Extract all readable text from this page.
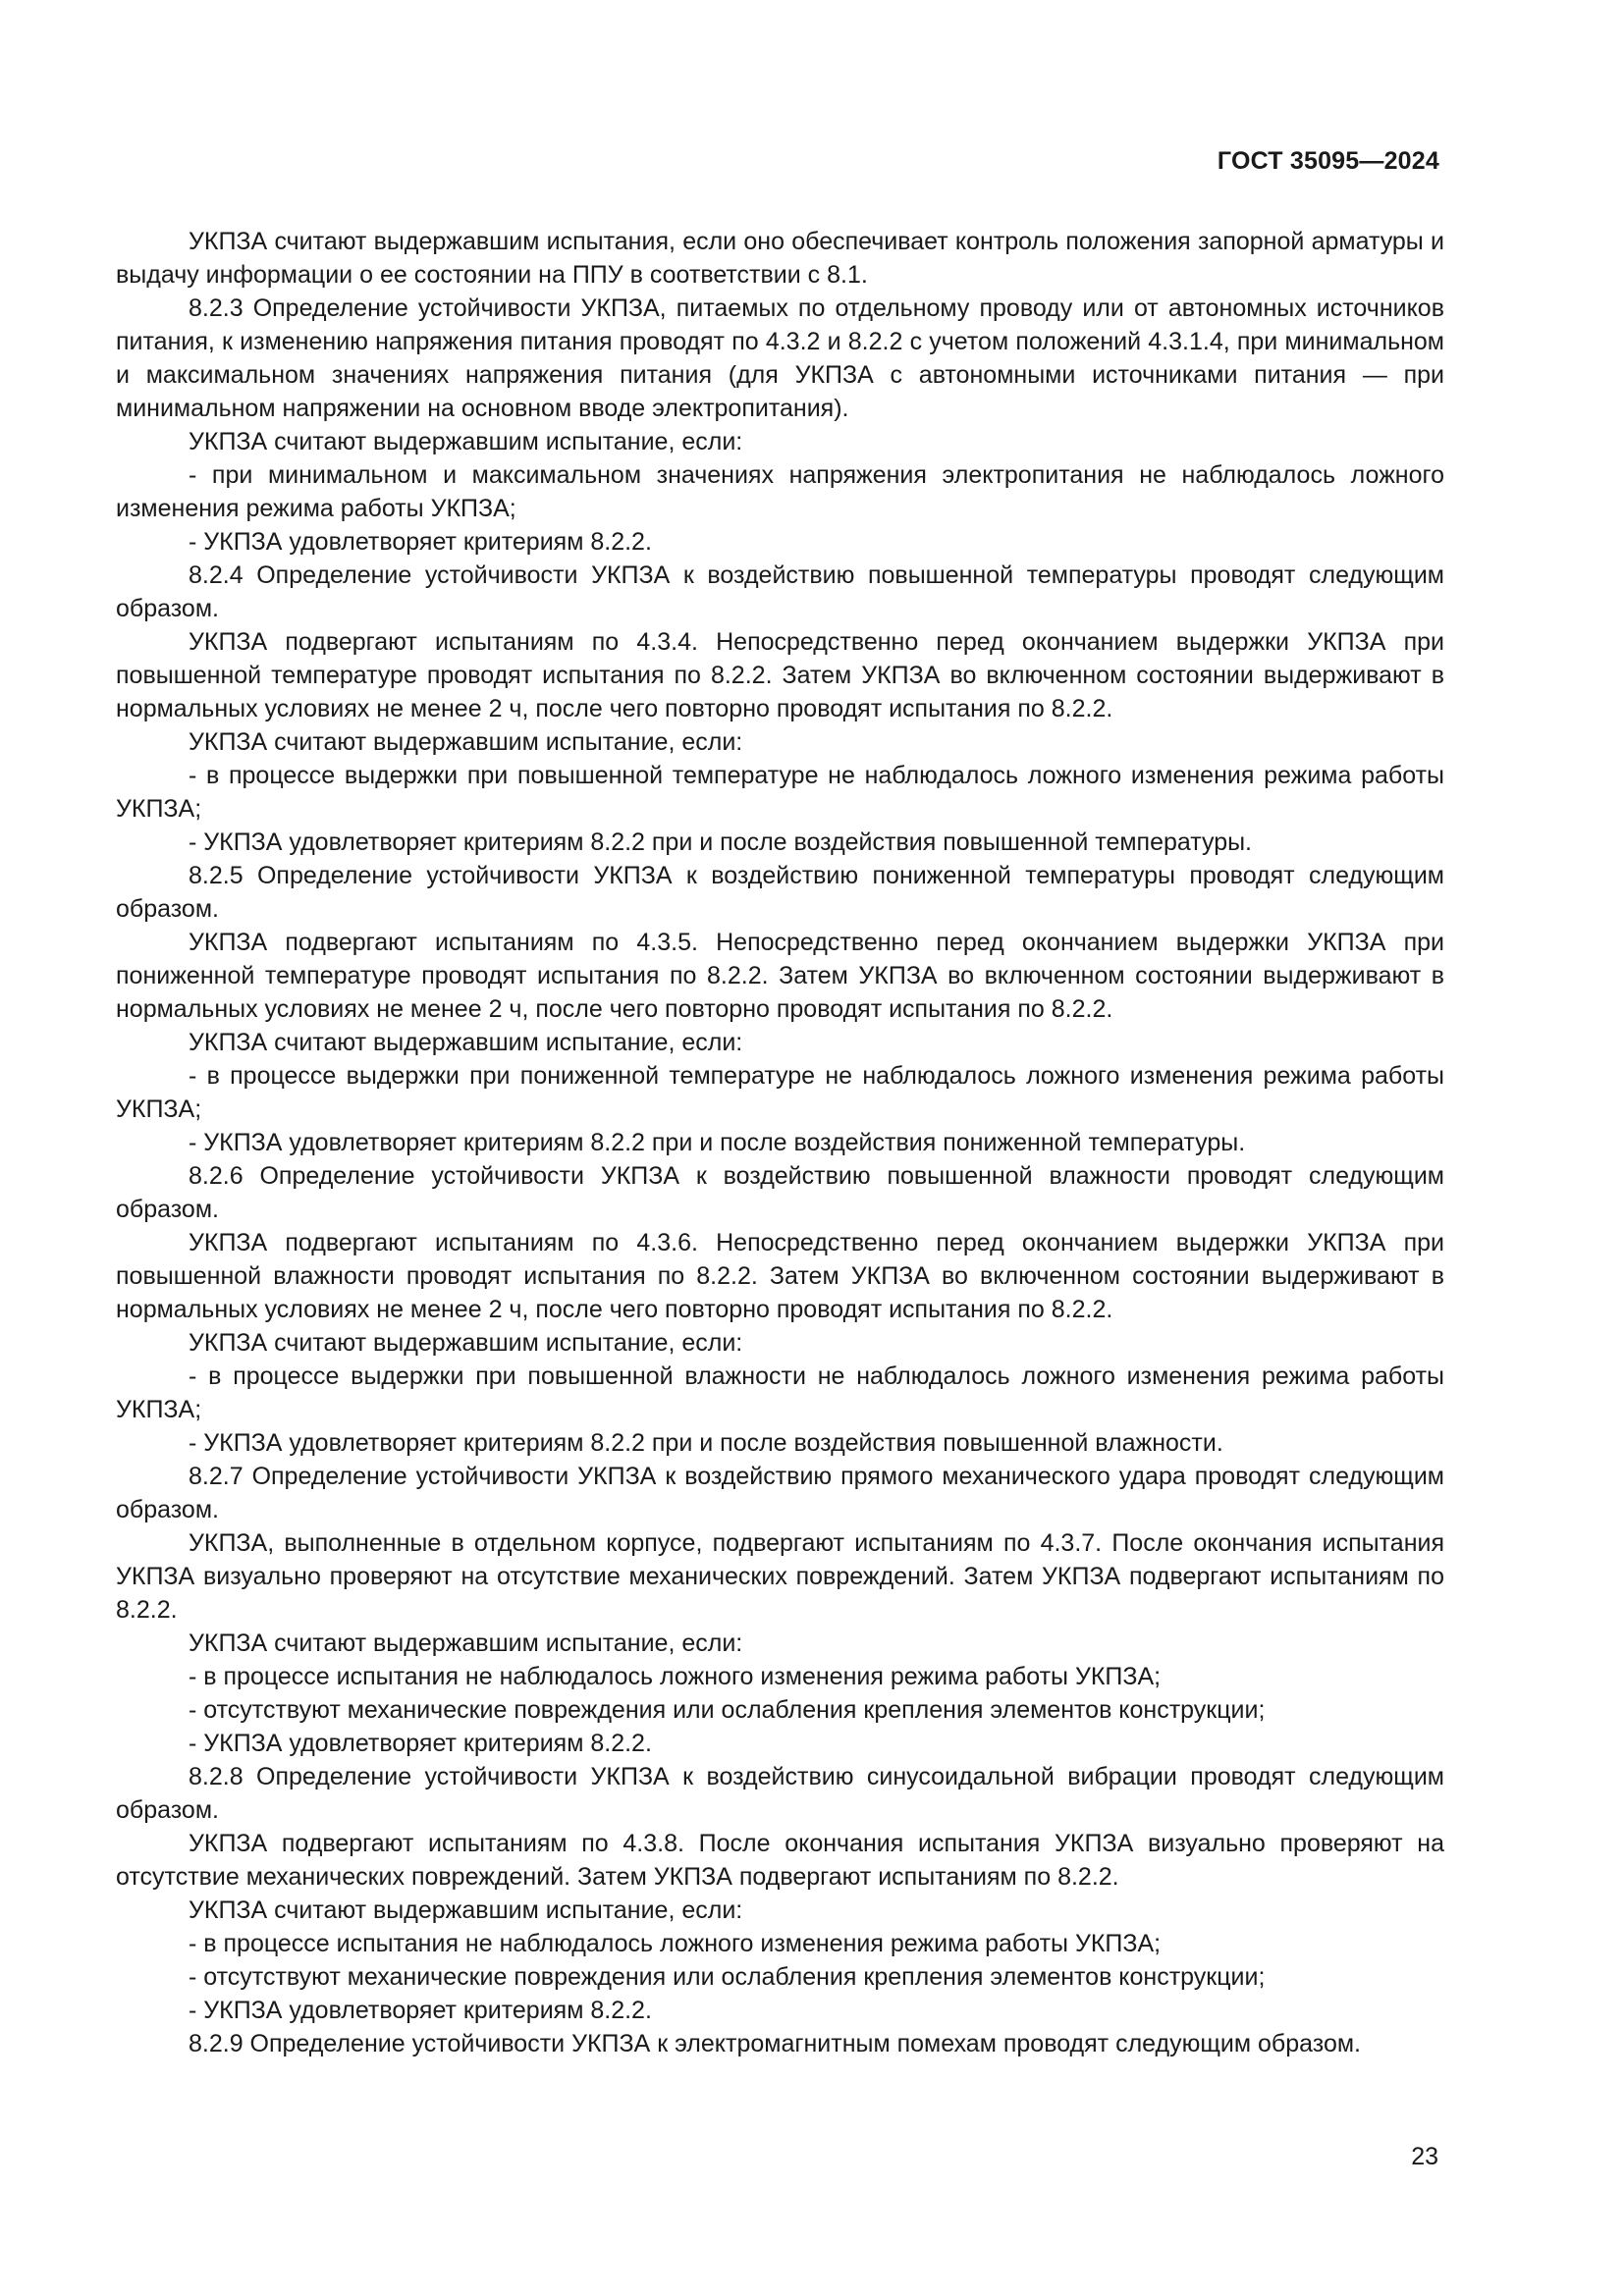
ГОСТ 35095—2024

УКПЗА считают выдержавшим испытания, если оно обеспечивает контроль положения запорной арматуры и выдачу информации о ее состоянии на ППУ в соответствии с 8.1.

8.2.3 Определение устойчивости УКПЗА, питаемых по отдельному проводу или от автономных источников питания, к изменению напряжения питания проводят по 4.3.2 и 8.2.2 с учетом положений 4.3.1.4, при минимальном и максимальном значениях напряжения питания (для УКПЗА с автономными источниками питания — при минимальном напряжении на основном вводе электропитания).

УКПЗА считают выдержавшим испытание, если:

- при минимальном и максимальном значениях напряжения электропитания не наблюдалось ложного изменения режима работы УКПЗА;

- УКПЗА удовлетворяет критериям 8.2.2.

8.2.4 Определение устойчивости УКПЗА к воздействию повышенной температуры проводят следующим образом.

УКПЗА подвергают испытаниям по 4.3.4. Непосредственно перед окончанием выдержки УКПЗА при повышенной температуре проводят испытания по 8.2.2. Затем УКПЗА во включенном состоянии выдерживают в нормальных условиях не менее 2 ч, после чего повторно проводят испытания по 8.2.2.

УКПЗА считают выдержавшим испытание, если:

- в процессе выдержки при повышенной температуре не наблюдалось ложного изменения режима работы УКПЗА;

- УКПЗА удовлетворяет критериям 8.2.2 при и после воздействия повышенной температуры.

8.2.5 Определение устойчивости УКПЗА к воздействию пониженной температуры проводят следующим образом.

УКПЗА подвергают испытаниям по 4.3.5. Непосредственно перед окончанием выдержки УКПЗА при пониженной температуре проводят испытания по 8.2.2. Затем УКПЗА во включенном состоянии выдерживают в нормальных условиях не менее 2 ч, после чего повторно проводят испытания по 8.2.2.

УКПЗА считают выдержавшим испытание, если:

- в процессе выдержки при пониженной температуре не наблюдалось ложного изменения режима работы УКПЗА;

- УКПЗА удовлетворяет критериям 8.2.2 при и после воздействия пониженной температуры.

8.2.6 Определение устойчивости УКПЗА к воздействию повышенной влажности проводят следующим образом.

УКПЗА подвергают испытаниям по 4.3.6. Непосредственно перед окончанием выдержки УКПЗА при повышенной влажности проводят испытания по 8.2.2. Затем УКПЗА во включенном состоянии выдерживают в нормальных условиях не менее 2 ч, после чего повторно проводят испытания по 8.2.2.

УКПЗА считают выдержавшим испытание, если:

- в процессе выдержки при повышенной влажности не наблюдалось ложного изменения режима работы УКПЗА;

- УКПЗА удовлетворяет критериям 8.2.2 при и после воздействия повышенной влажности.

8.2.7 Определение устойчивости УКПЗА к воздействию прямого механического удара проводят следующим образом.

УКПЗА, выполненные в отдельном корпусе, подвергают испытаниям по 4.3.7. После окончания испытания УКПЗА визуально проверяют на отсутствие механических повреждений. Затем УКПЗА подвергают испытаниям по 8.2.2.

УКПЗА считают выдержавшим испытание, если:

- в процессе испытания не наблюдалось ложного изменения режима работы УКПЗА;

- отсутствуют механические повреждения или ослабления крепления элементов конструкции;

- УКПЗА удовлетворяет критериям 8.2.2.

8.2.8 Определение устойчивости УКПЗА к воздействию синусоидальной вибрации проводят следующим образом.

УКПЗА подвергают испытаниям по 4.3.8. После окончания испытания УКПЗА визуально проверяют на отсутствие механических повреждений. Затем УКПЗА подвергают испытаниям по 8.2.2.

УКПЗА считают выдержавшим испытание, если:

- в процессе испытания не наблюдалось ложного изменения режима работы УКПЗА;

- отсутствуют механические повреждения или ослабления крепления элементов конструкции;

- УКПЗА удовлетворяет критериям 8.2.2.

8.2.9 Определение устойчивости УКПЗА к электромагнитным помехам проводят следующим образом.

23
